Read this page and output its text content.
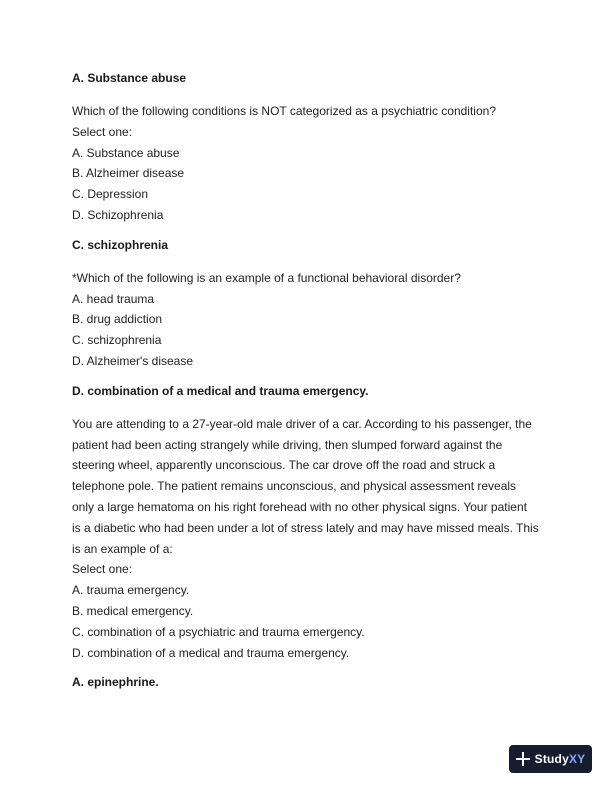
A. Substance abuse

Which of the following conditions is NOT categorized as a psychiatric condition?

Select one:

A. Substance abuse

B. Alzheimer disease

C. Depression

D. Schizophrenia

C. schizophrenia

*Which of the following is an example of a functional behavioral disorder?

A. head trauma

B. drug addiction

C. schizophrenia

D. Alzheimer's disease

D. combination of a medical and trauma emergency.

You are attending to a 27-year-old male driver of a car. According to his passenger, the

patient had been acting strangely while driving, then slumped forward against the

steering wheel, apparently unconscious. The car drove off the road and struck a

telephone pole. The patient remains unconscious, and physical assessment reveals

only a large hematoma on his right forehead with no other physical signs. Your patient

is a diabetic who had been under a lot of stress lately and may have missed meals. This

is an example of a:

Select one:

A. trauma emergency.

B. medical emergency.

C. combination of a psychiatric and trauma emergency.

D. combination of a medical and trauma emergency.

A. epinephrine.

StudyXY
